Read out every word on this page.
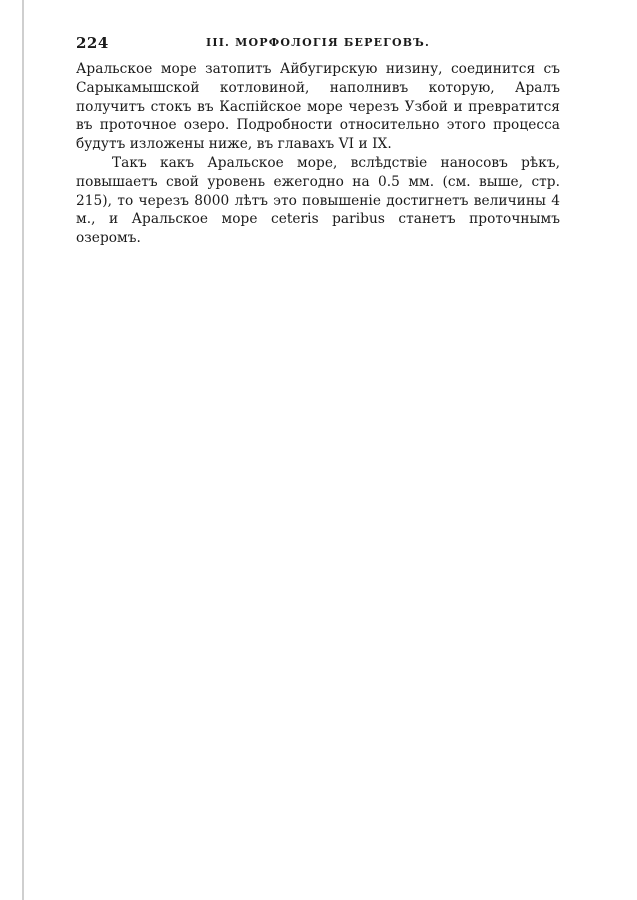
224	III. МОРФОЛОГІЯ БЕРЕГОВЪ.

Аральское море затопитъ Айбугирскую низину, соединится съ Сарыкамышской котловиной, наполнивъ которую, Аралъ получитъ стокъ въ Каспійское море черезъ Узбой и превратится въ проточное озеро. Подробности относительно этого процесса будутъ изложены ниже, въ главахъ VI и IX.

Такъ какъ Аральское море, вслѣдствіе наносовъ рѣкъ, повышаетъ свой уровень ежегодно на 0.5 мм. (см. выше, стр. 215), то черезъ 8000 лѣтъ это повышеніе достигнетъ величины 4 м., и Аральское море ceteris paribus станетъ проточнымъ озеромъ.
